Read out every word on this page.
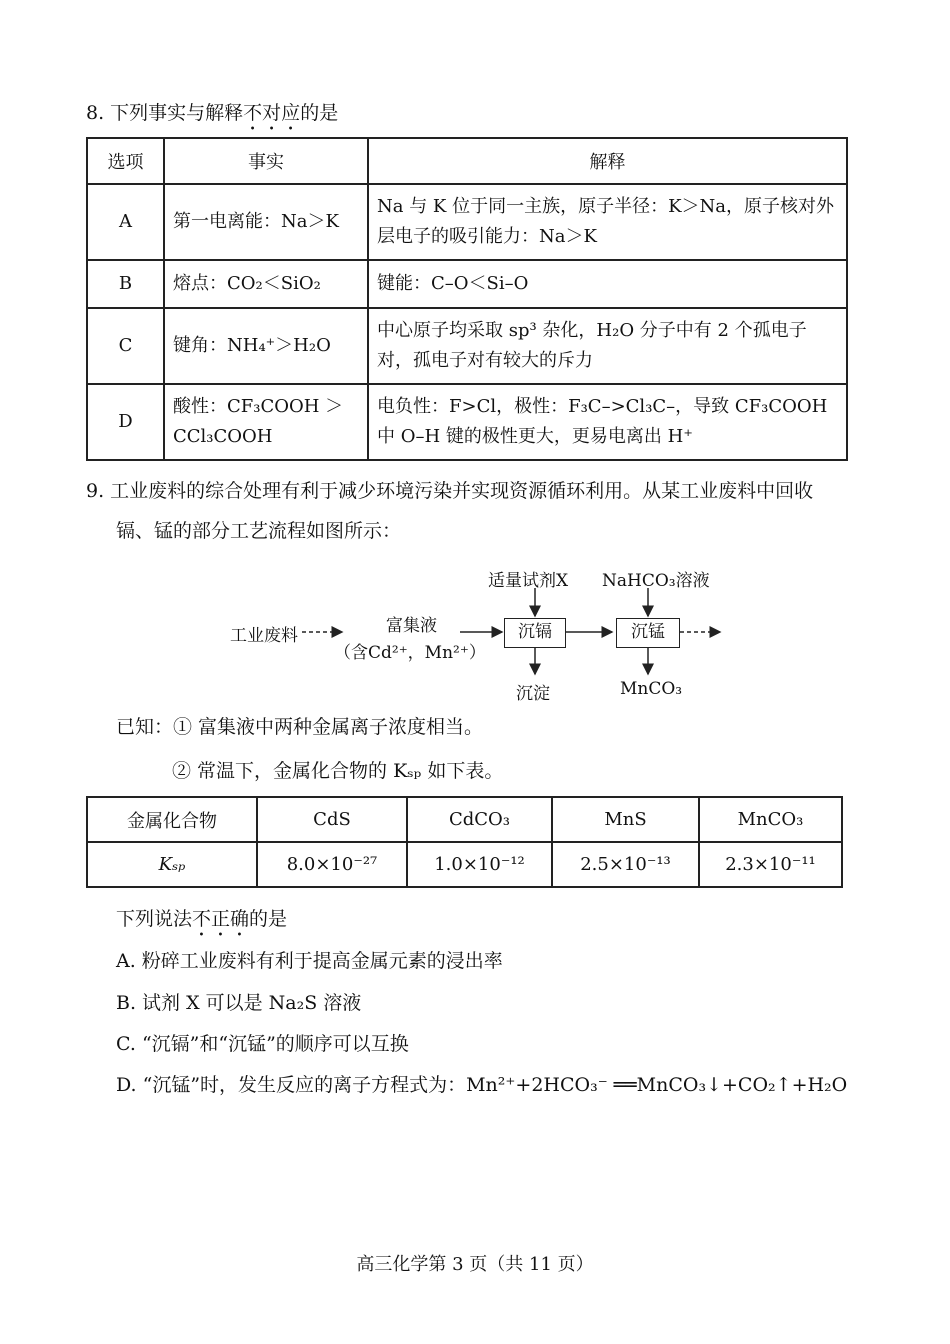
8. 下列事实与解释不对应的是
选项	事实	解释
A	第一电离能：Na＞K	Na 与 K 位于同一主族，原子半径：K＞Na，原子核对外层电子的吸引能力：Na＞K
B	熔点：CO₂＜SiO₂	键能：C–O＜Si–O
C	键角：NH₄⁺＞H₂O	中心原子均采取 sp³ 杂化，H₂O 分子中有 2 个孤电子对，孤电子对有较大的斥力
D	酸性：CF₃COOH ＞ CCl₃COOH	电负性：F>Cl，极性：F₃C–>Cl₃C–，导致 CF₃COOH 中 O–H 键的极性更大，更易电离出 H⁺
9. 工业废料的综合处理有利于减少环境污染并实现资源循环利用。从某工业废料中回收
镉、锰的部分工艺流程如图所示：
工业废料	富集液
（含Cd²⁺，Mn²⁺）
适量试剂X NaHCO₃溶液
沉镉	沉锰
沉淀	MnCO₃
已知：① 富集液中两种金属离子浓度相当。
② 常温下，金属化合物的 Kₛₚ 如下表。
金属化合物	CdS	CdCO₃	MnS	MnCO₃
Kₛₚ	8.0×10⁻²⁷	1.0×10⁻¹²	2.5×10⁻¹³	2.3×10⁻¹¹
下列说法不正确的是
A. 粉碎工业废料有利于提高金属元素的浸出率
B. 试剂 X 可以是 Na₂S 溶液
C. “沉镉”和“沉锰”的顺序可以互换
D. “沉锰”时，发生反应的离子方程式为：Mn²⁺+2HCO₃⁻ ══MnCO₃↓+CO₂↑+H₂O
高三化学第 3 页（共 11 页）
